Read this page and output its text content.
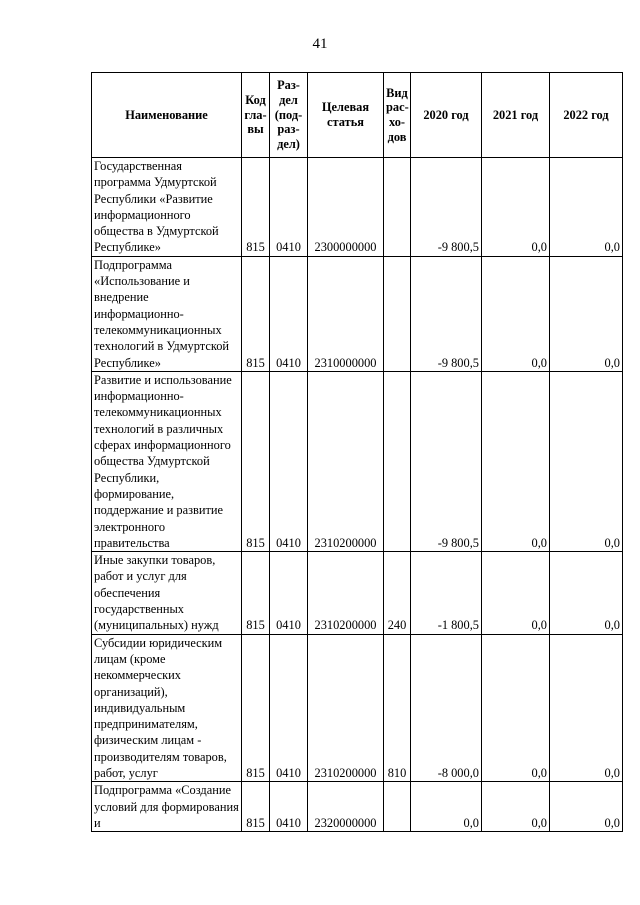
41
Наименование	Код гла-вы	Раз-дел (под-раз-дел)	Целевая статья	Вид рас-хо-дов	2020 год	2021 год	2022 год
Государственная программа Удмуртской Республики «Развитие информационного общества в Удмуртской Республике»	815	0410	2300000000		-9 800,5	0,0	0,0
Подпрограмма «Использование и внедрение информационно-телекоммуникационных технологий в Удмуртской Республике»	815	0410	2310000000		-9 800,5	0,0	0,0
Развитие и использование информационно-телекоммуникационных технологий в различных сферах информационного общества Удмуртской Республики, формирование, поддержание и развитие электронного правительства	815	0410	2310200000		-9 800,5	0,0	0,0
Иные закупки товаров, работ и услуг для обеспечения государственных (муниципальных) нужд	815	0410	2310200000	240	-1 800,5	0,0	0,0
Субсидии юридическим лицам (кроме некоммерческих организаций), индивидуальным предпринимателям, физическим лицам - производителям товаров, работ, услуг	815	0410	2310200000	810	-8 000,0	0,0	0,0
Подпрограмма «Создание условий для формирования и	815	0410	2320000000		0,0	0,0	0,0
